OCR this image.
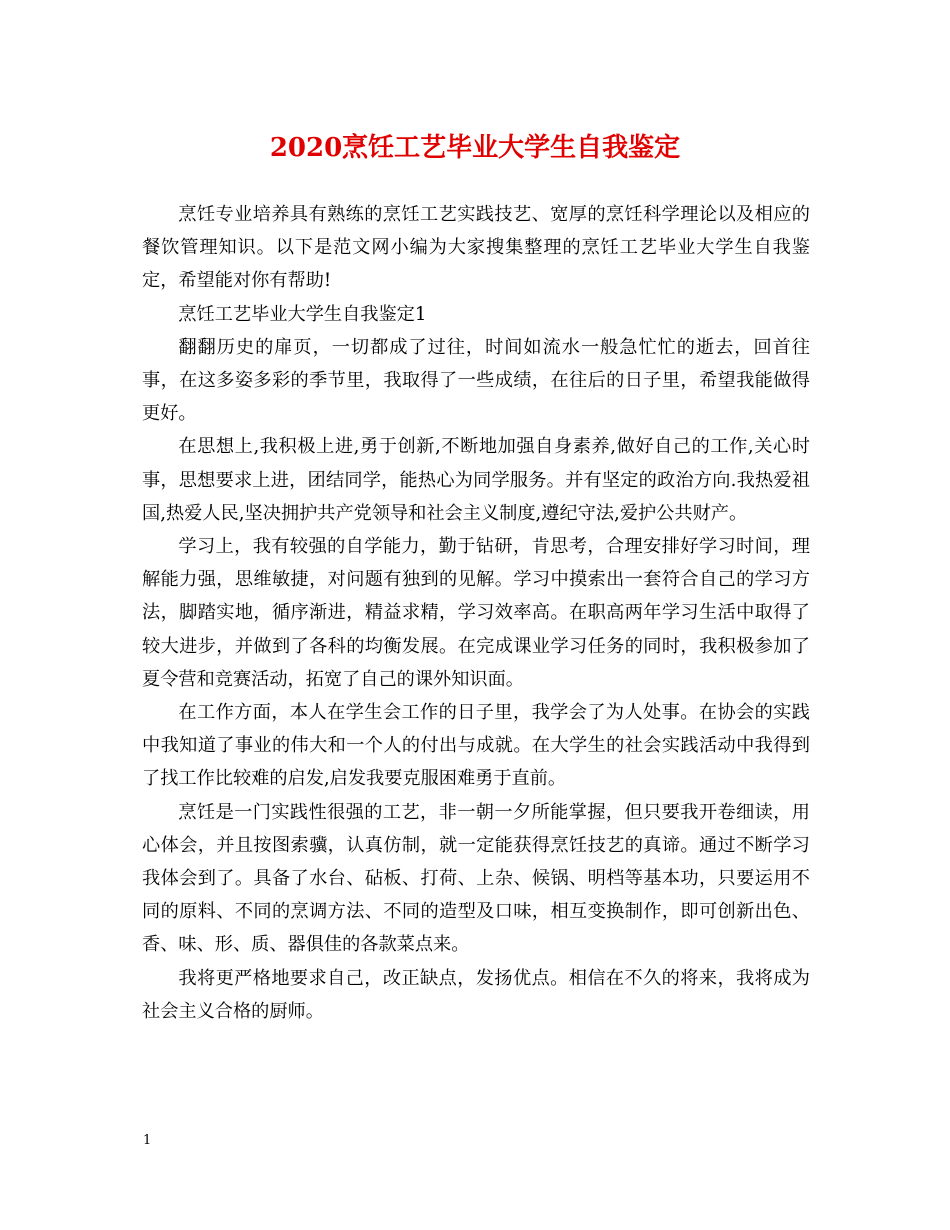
2020烹饪工艺毕业大学生自我鉴定

烹饪专业培养具有熟练的烹饪工艺实践技艺、宽厚的烹饪科学理论以及相应的餐饮管理知识。以下是范文网小编为大家搜集整理的烹饪工艺毕业大学生自我鉴定，希望能对你有帮助!

烹饪工艺毕业大学生自我鉴定1

翻翻历史的扉页，一切都成了过往，时间如流水一般急忙忙的逝去，回首往事，在这多姿多彩的季节里，我取得了一些成绩，在往后的日子里，希望我能做得更好。

在思想上,我积极上进,勇于创新,不断地加强自身素养,做好自己的工作,关心时事，思想要求上进，团结同学，能热心为同学服务。并有坚定的政治方向.我热爱祖国,热爱人民,坚决拥护共产党领导和社会主义制度,遵纪守法,爱护公共财产。

学习上，我有较强的自学能力，勤于钻研，肯思考，合理安排好学习时间，理解能力强，思维敏捷，对问题有独到的见解。学习中摸索出一套符合自己的学习方法，脚踏实地，循序渐进，精益求精，学习效率高。在职高两年学习生活中取得了较大进步，并做到了各科的均衡发展。在完成课业学习任务的同时，我积极参加了夏令营和竞赛活动，拓宽了自己的课外知识面。

在工作方面，本人在学生会工作的日子里，我学会了为人处事。在协会的实践中我知道了事业的伟大和一个人的付出与成就。在大学生的社会实践活动中我得到了找工作比较难的启发,启发我要克服困难勇于直前。

烹饪是一门实践性很强的工艺，非一朝一夕所能掌握，但只要我开卷细读，用心体会，并且按图索骥，认真仿制，就一定能获得烹饪技艺的真谛。通过不断学习我体会到了。具备了水台、砧板、打荷、上杂、候锅、明档等基本功，只要运用不同的原料、不同的烹调方法、不同的造型及口味，相互变换制作，即可创新出色、香、味、形、质、器俱佳的各款菜点来。

我将更严格地要求自己，改正缺点，发扬优点。相信在不久的将来，我将成为社会主义合格的厨师。

1
